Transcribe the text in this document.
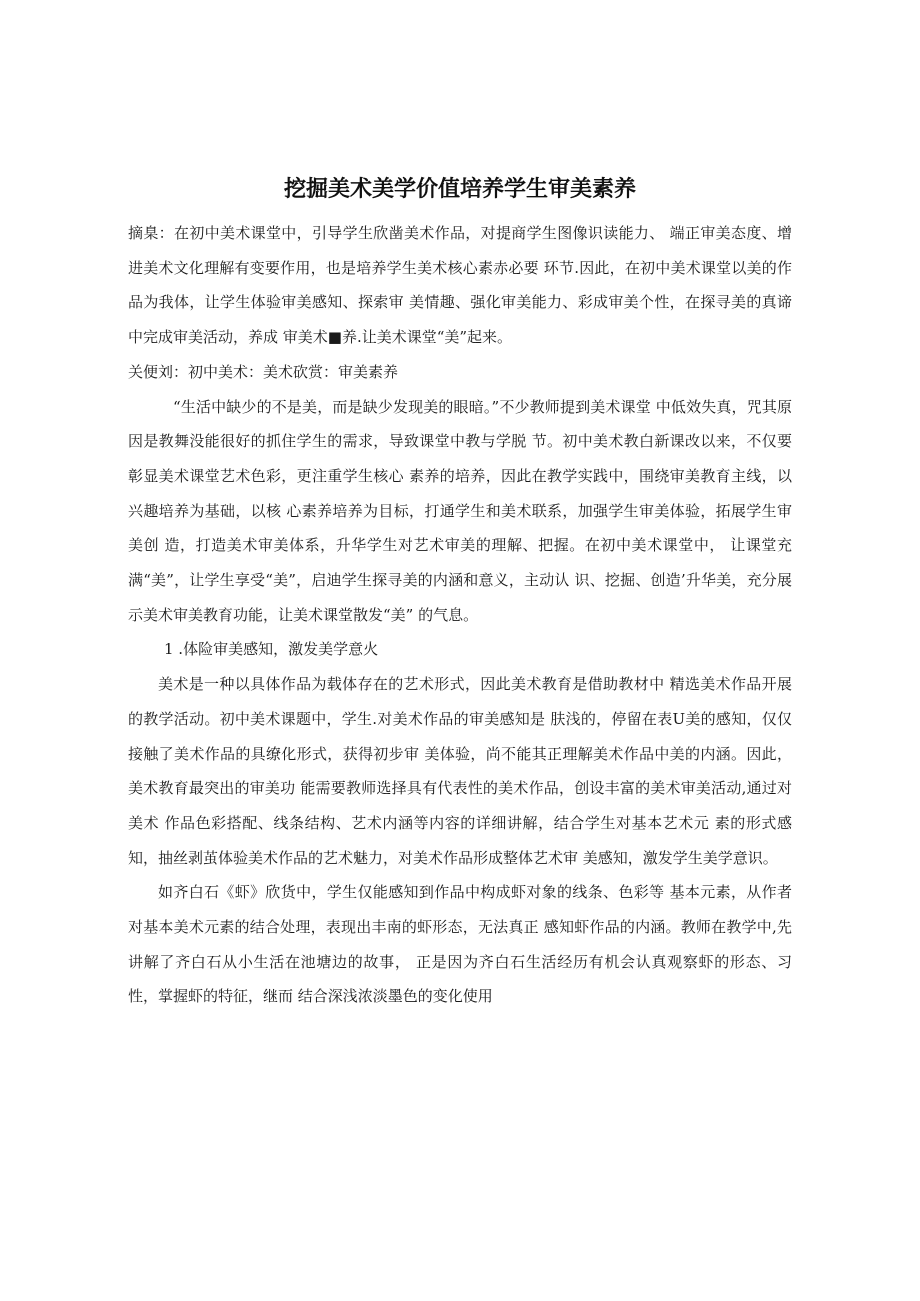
挖掘美术美学价值培养学生审美素养

摘臬：在初中美术课堂中，引导学生欣凿美术作品，对提商学生图像识读能力、 端正审美态度、增进美术文化理解有变要作用，也是培养学生美术核心素赤必要 环节.因此，在初中美术课堂以美的作品为我体，让学生体验审美感知、探索审 美情趣、强化审美能力、彩成审美个性，在探寻美的真谛中完成审美活动，养成 审美术■养.让美术课堂“美”起来。

关便刘：初中美术：美术砍赏：审美素养

“生活中缺少的不是美，而是缺少发现美的眼暗。”不少教师提到美术课堂 中低效失真，咒其原因是教舞没能很好的抓住学生的需求，导致课堂中教与学脱 节。初中美术教白新课改以来，不仅要彰显美术课堂艺术色彩，更注重学生核心 素养的培养，因此在教学实践中，围绕审美教育主线，以兴趣培养为基础，以核 心素养培养为目标，打通学生和美术联系，加强学生审美体验，拓展学生审美创 造，打造美术审美体系，升华学生对艺术审美的理解、把握。在初中美术课堂中， 让课堂充满“美”，让学生享受“美”，启迪学生探寻美的内涵和意义，主动认 识、挖掘、创造’升华美，充分展示美术审美教育功能，让美术课堂散发“美” 的气息。

1 .体险审美感知，激发美学意火

美术是一种以具体作品为载体存在的艺术形式，因此美术教育是借助教材中 精选美术作品开展的教学活动。初中美术课题中，学生.对美术作品的审美感知是 肤浅的，停留在表U美的感知，仅仅接触了美术作品的具缭化形式，获得初步审 美体验，尚不能其正理解美术作品中美的内涵。因此，美术教育最突出的审美功 能需要教师选择具有代表性的美术作品，创设丰富的美术审美活动,通过对美术 作品色彩搭配、线条结构、艺术内涵等内容的详细讲解，结合学生对基本艺术元 素的形式感知，抽丝剥茧体验美术作品的艺术魅力，对美术作品形成整体艺术审 美感知，激发学生美学意识。

如齐白石《虾》欣货中，学生仅能感知到作品中构成虾对象的线条、色彩等 基本元素，从作者对基本美术元素的结合处理，表现出丰南的虾形态，无法真正 感知虾作品的内涵。教师在教学中,先讲解了齐白石从小生活在池塘边的故事， 正是因为齐白石生活经历有机会认真观察虾的形态、习性，掌握虾的特征，继而 结合深浅浓淡墨色的变化使用
